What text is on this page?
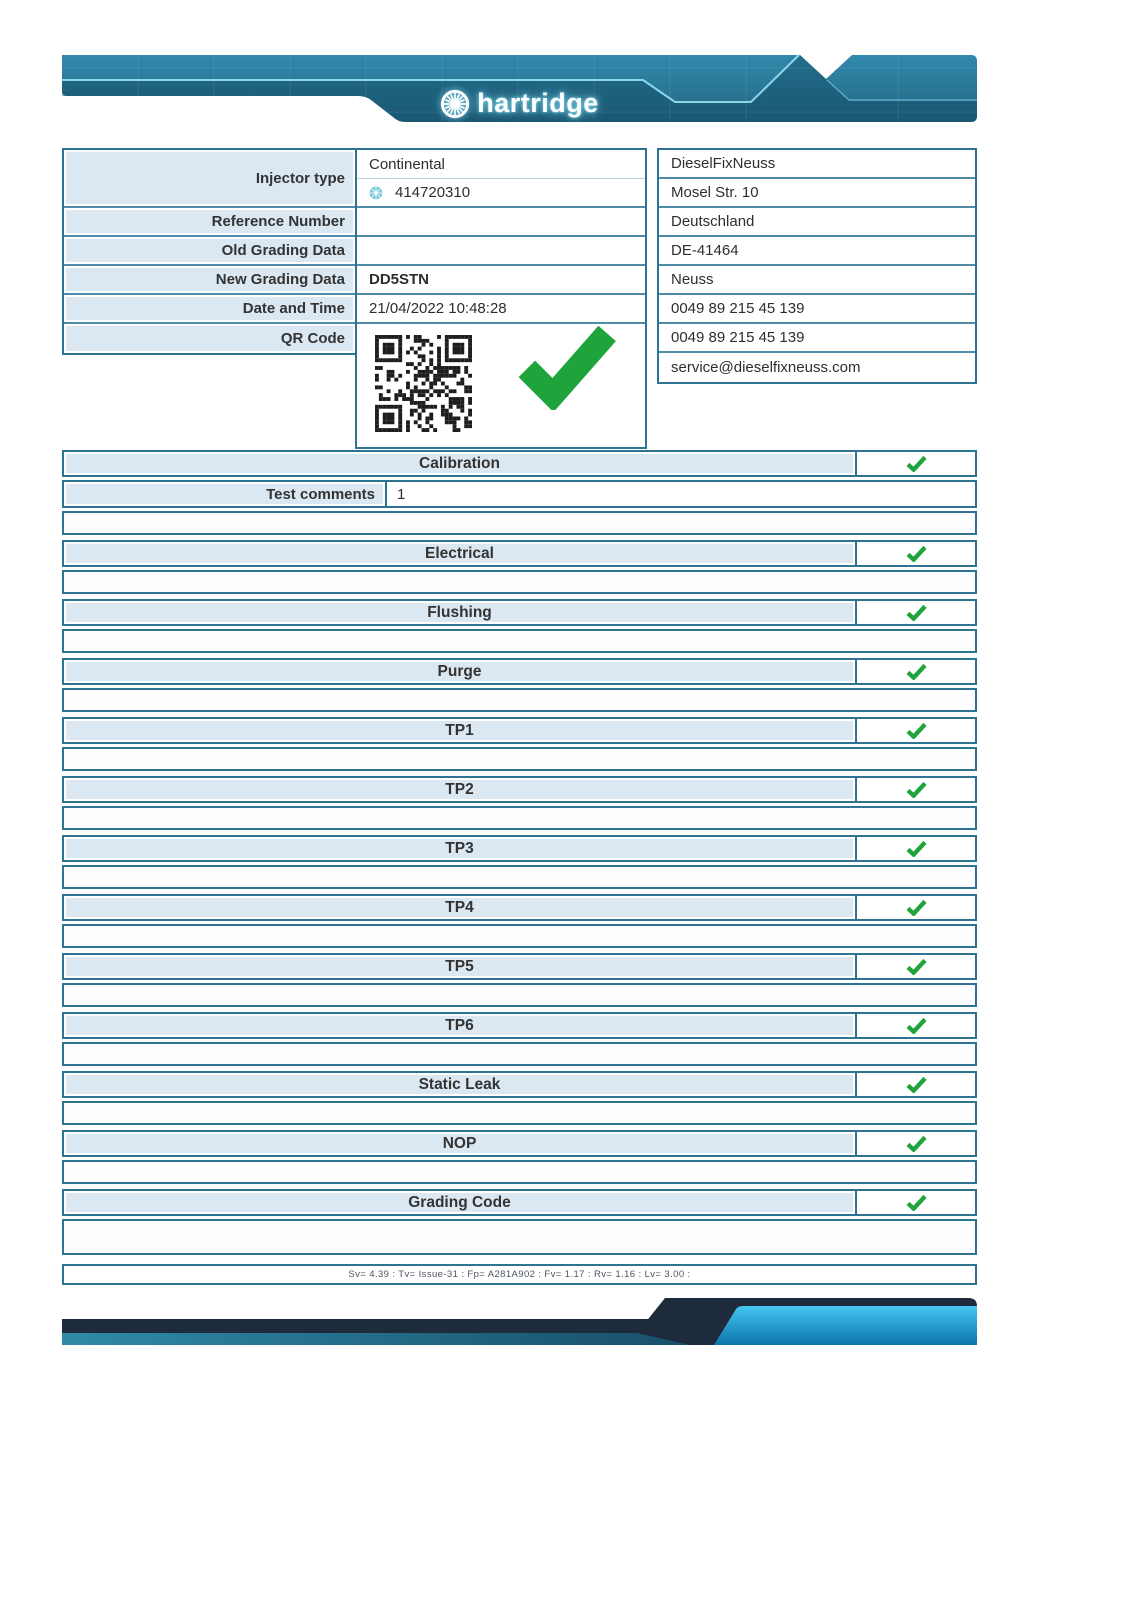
hartridge
Injector type
Reference Number
Old Grading Data
New Grading Data
Date and Time
QR Code
Continental
414720310
DD5STN
21/04/2022 10:48:28
DieselFixNeuss
Mosel Str. 10
Deutschland
DE-41464
Neuss
0049 89 215 45 139
0049 89 215 45 139
service@dieselfixneuss.com
Calibration
Test comments	1
Electrical
Flushing
Purge
TP1
TP2
TP3
TP4
TP5
TP6
Static Leak
NOP
Grading Code
Sv= 4.39 : Tv= Issue-31 : Fp= A281A902 : Fv= 1.17 : Rv= 1.16 : Lv= 3.00 :
